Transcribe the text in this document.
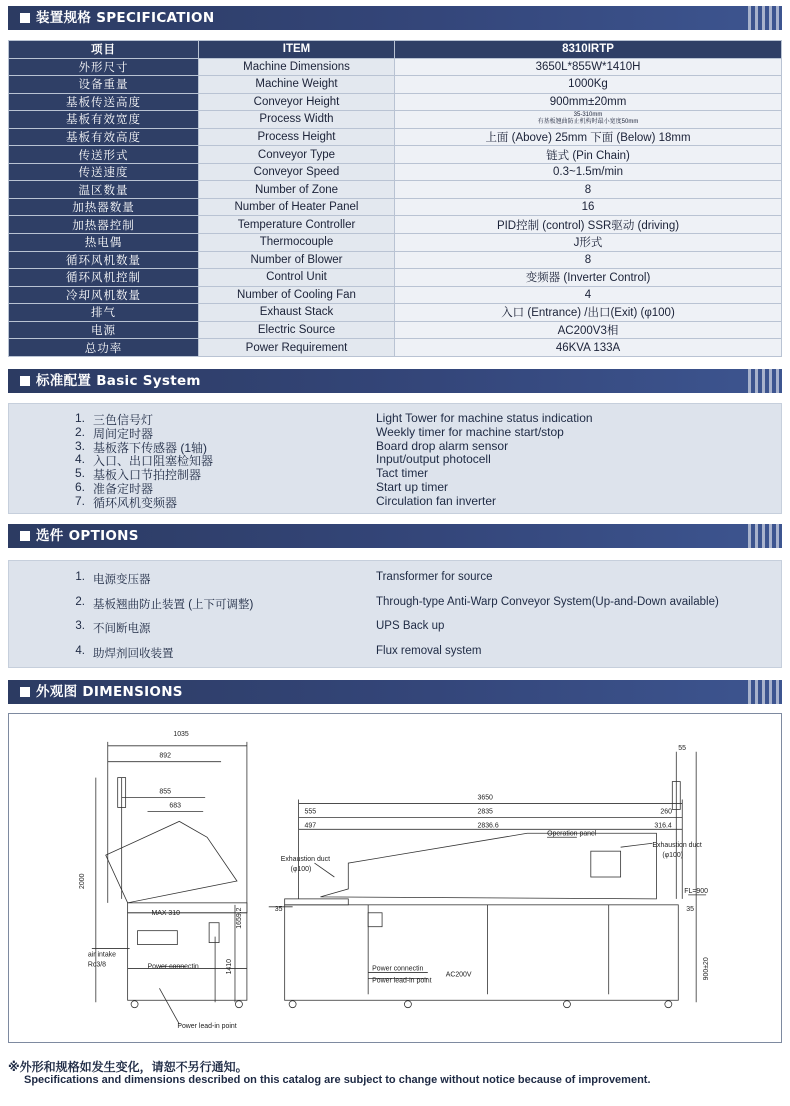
装置规格 SPECIFICATION
项目	ITEM	8310IRTP
外形尺寸	Machine Dimensions	3650L*855W*1410H
设备重量	Machine Weight	1000Kg
基板传送高度	Conveyor Height	900mm±20mm
基板有效宽度	Process Width	35-310mm
有基板翘曲防止机构时最小宽度50mm

基板有效高度	Process Height	上面 (Above) 25mm 下面 (Below) 18mm
传送形式	Conveyor Type	链式 (Pin Chain)
传送速度	Conveyor Speed	0.3~1.5m/min
温区数量	Number of Zone	8
加热器数量	Number of Heater Panel	16
加热器控制	Temperature Controller	PID控制 (control) SSR驱动 (driving)
热电偶	Thermocouple	J形式
循环风机数量	Number of Blower	8
循环风机控制	Control Unit	变频器 (Inverter Control)
冷却风机数量	Number of Cooling Fan	4
排气	Exhaust Stack	入口 (Entrance) /出口(Exit) (φ100)
电源	Electric Source	AC200V3相
总功率	Power Requirement	46KVA 133A
标准配置 Basic System
1. 三色信号灯	Light Tower for machine status indication
2. 周间定时器	Weekly timer for machine start/stop
3. 基板落下传感器 (1轴)	Board drop alarm sensor
4. 入口、出口阻塞检知器	Input/output photocell
5. 基板入口节拍控制器	Tact timer
6. 准备定时器	Start up timer
7. 循环风机变频器	Circulation fan inverter
选件 OPTIONS
1. 电源变压器	Transformer for source
2. 基板翘曲防止装置 (上下可调整)	Through-type Anti-Warp Conveyor System(Up-and-Down available)
3. 不间断电源	UPS Back up
4. 助焊剂回收装置	Flux removal system
外观图 DIMENSIONS
1035
892
855
683
2000
1410
1659.2
MAX 310
air intake
Rc3/8	Power connectin
Power lead-in point
3650
555	2835	260
497	2836.6	316.4
55
35	35
Operation panel
Exhaustion duct
(φ100)
Exhaustion duct
(φ100)
FL=900
900±20
Power connectin
Power lead-in point
AC200V
※外形和规格如发生变化，请恕不另行通知。
Specifications and dimensions described on this catalog are subject to change without notice because of improvement.
